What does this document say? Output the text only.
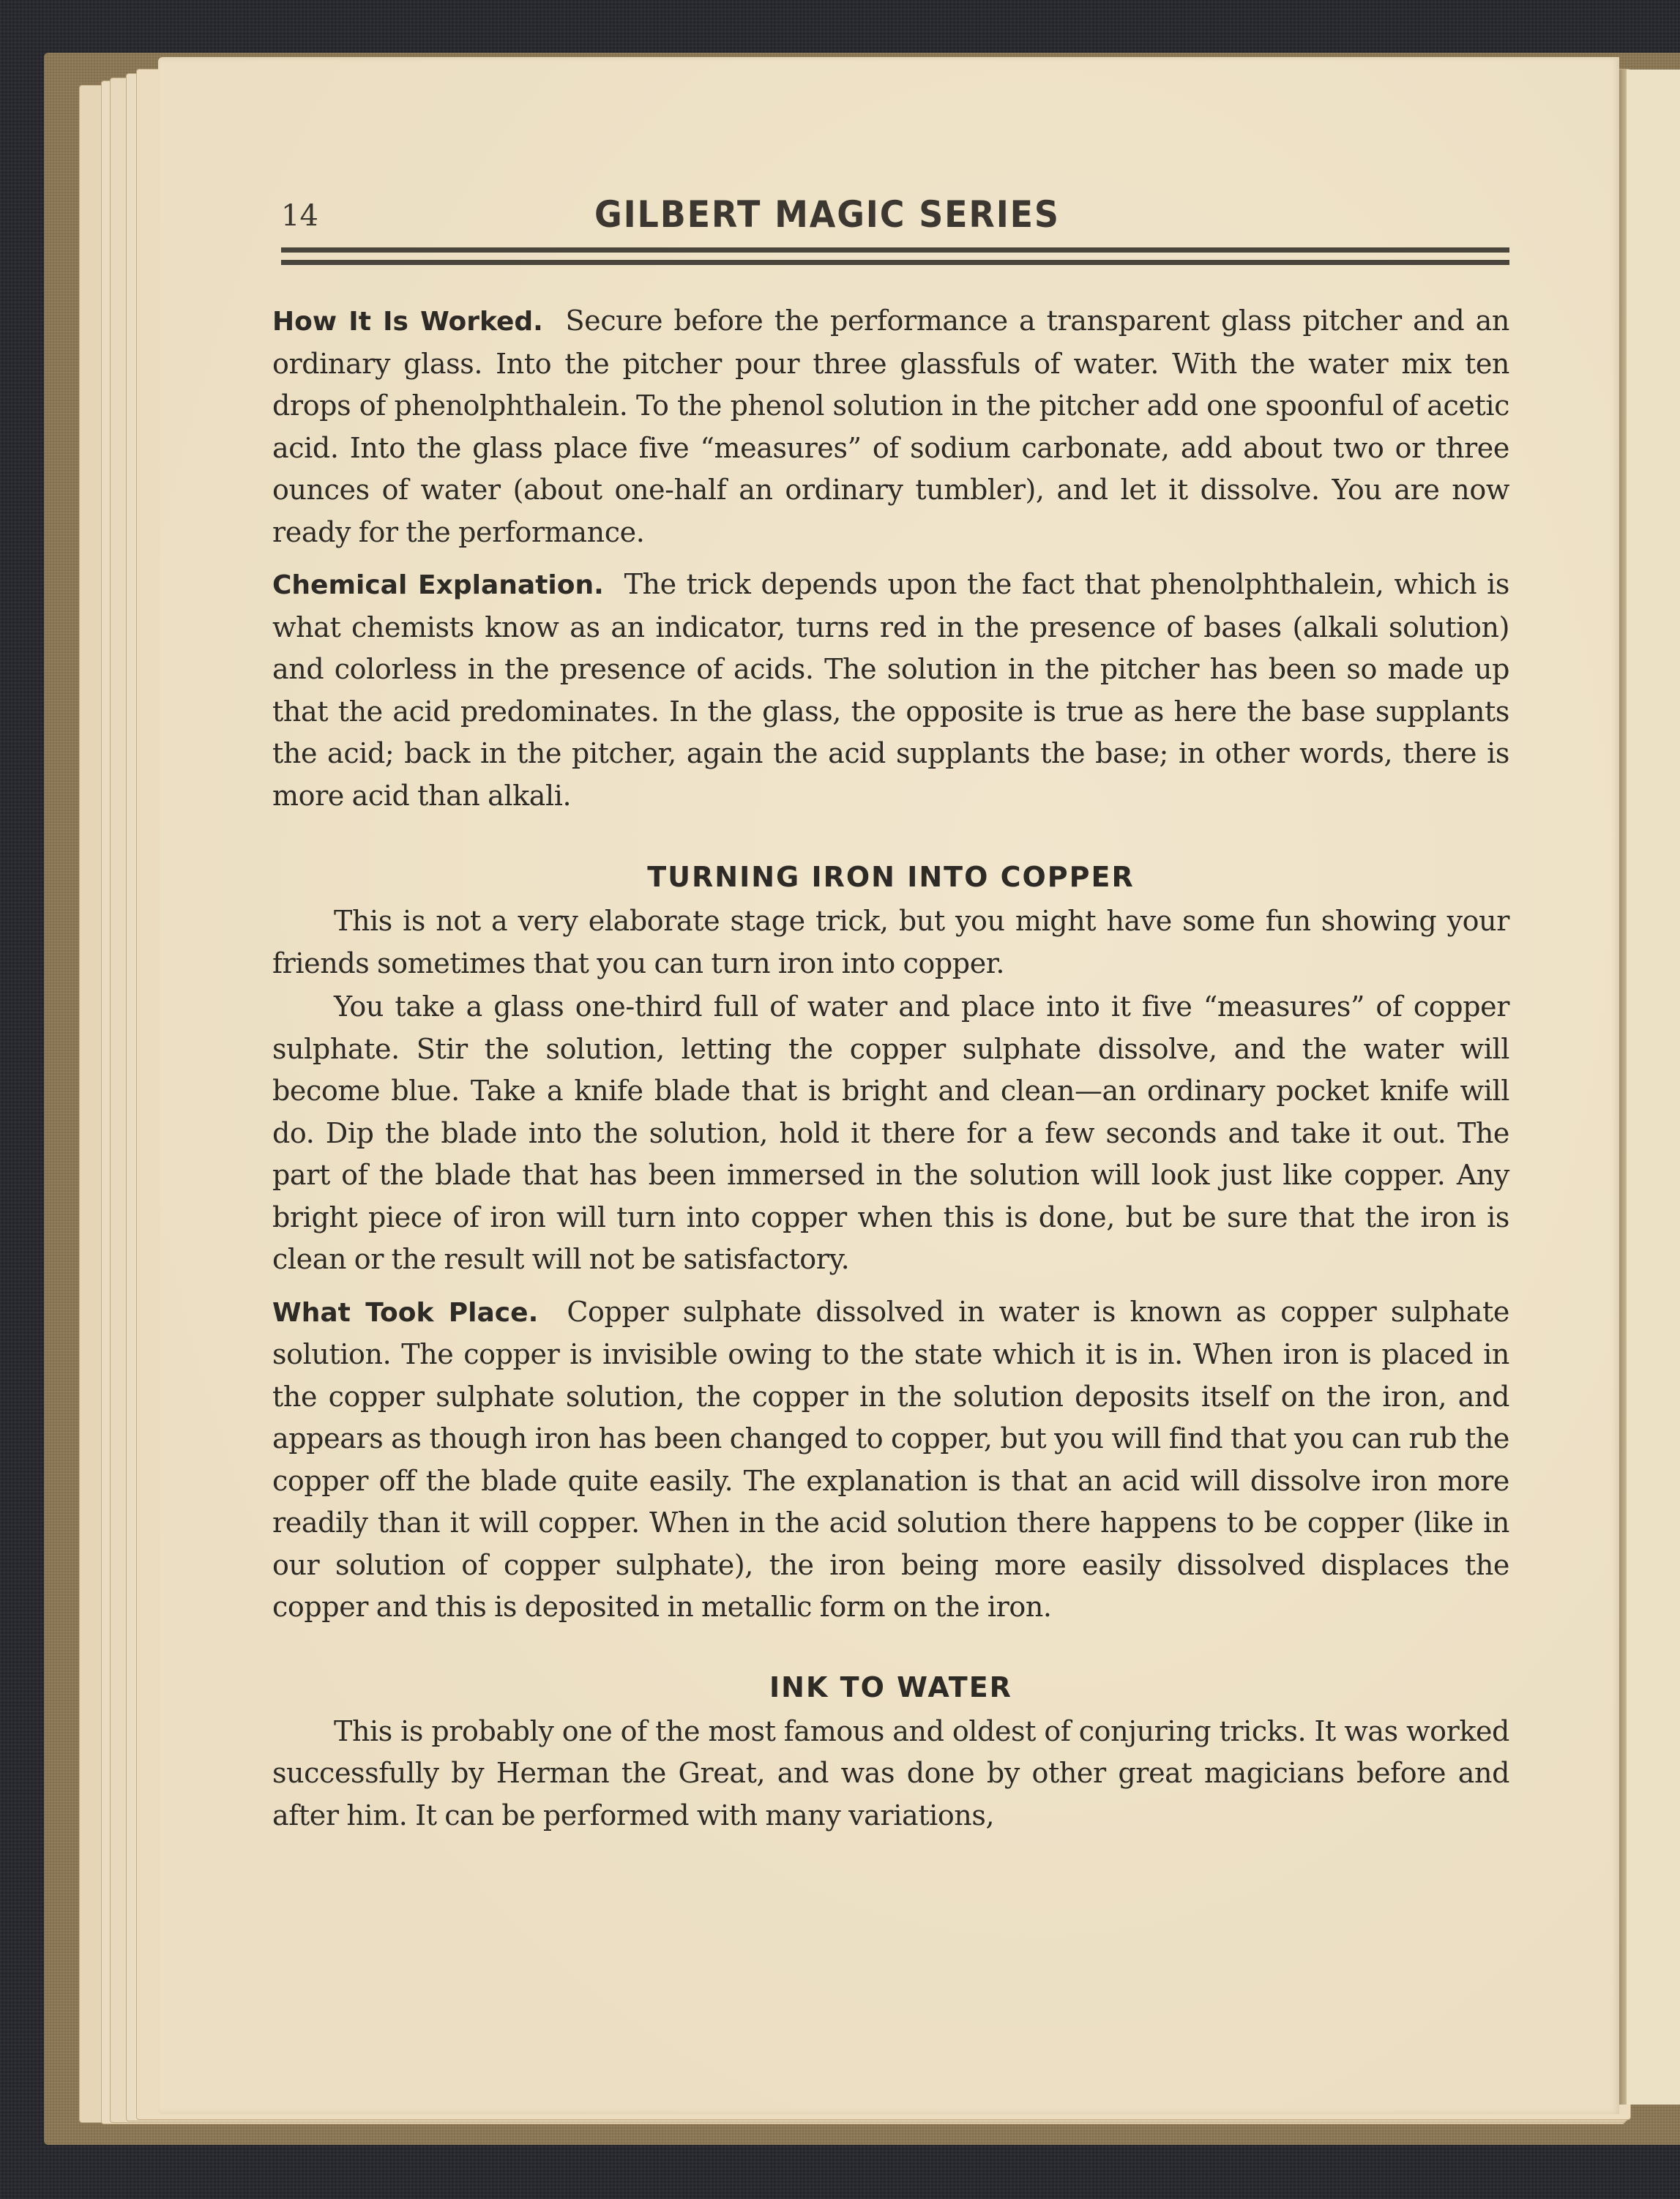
14	GILBERT MAGIC SERIES

How It Is Worked. Secure before the performance a transparent glass pitcher and an ordinary glass. Into the pitcher pour three glassfuls of water. With the water mix ten drops of phenolphthalein. To the phenol solution in the pitcher add one spoonful of acetic acid. Into the glass place five “measures” of sodium carbonate, add about two or three ounces of water (about one-half an ordinary tumbler), and let it dissolve. You are now ready for the performance.

Chemical Explanation. The trick depends upon the fact that phenolphthalein, which is what chemists know as an indicator, turns red in the presence of bases (alkali solution) and colorless in the presence of acids. The solution in the pitcher has been so made up that the acid predominates. In the glass, the opposite is true as here the base supplants the acid; back in the pitcher, again the acid supplants the base; in other words, there is more acid than alkali.

TURNING IRON INTO COPPER

This is not a very elaborate stage trick, but you might have some fun showing your friends sometimes that you can turn iron into copper.

You take a glass one-third full of water and place into it five “measures” of copper sulphate. Stir the solution, letting the copper sulphate dissolve, and the water will become blue. Take a knife blade that is bright and clean—an ordinary pocket knife will do. Dip the blade into the solution, hold it there for a few seconds and take it out. The part of the blade that has been immersed in the solution will look just like copper. Any bright piece of iron will turn into copper when this is done, but be sure that the iron is clean or the result will not be satisfactory.

What Took Place. Copper sulphate dissolved in water is known as copper sulphate solution. The copper is invisible owing to the state which it is in. When iron is placed in the copper sulphate solution, the copper in the solution deposits itself on the iron, and appears as though iron has been changed to copper, but you will find that you can rub the copper off the blade quite easily. The explanation is that an acid will dissolve iron more readily than it will copper. When in the acid solution there happens to be copper (like in our solution of copper sulphate), the iron being more easily dissolved displaces the copper and this is deposited in metallic form on the iron.

INK TO WATER

This is probably one of the most famous and oldest of conjuring tricks. It was worked successfully by Herman the Great, and was done by other great magicians before and after him. It can be performed with many variations,
